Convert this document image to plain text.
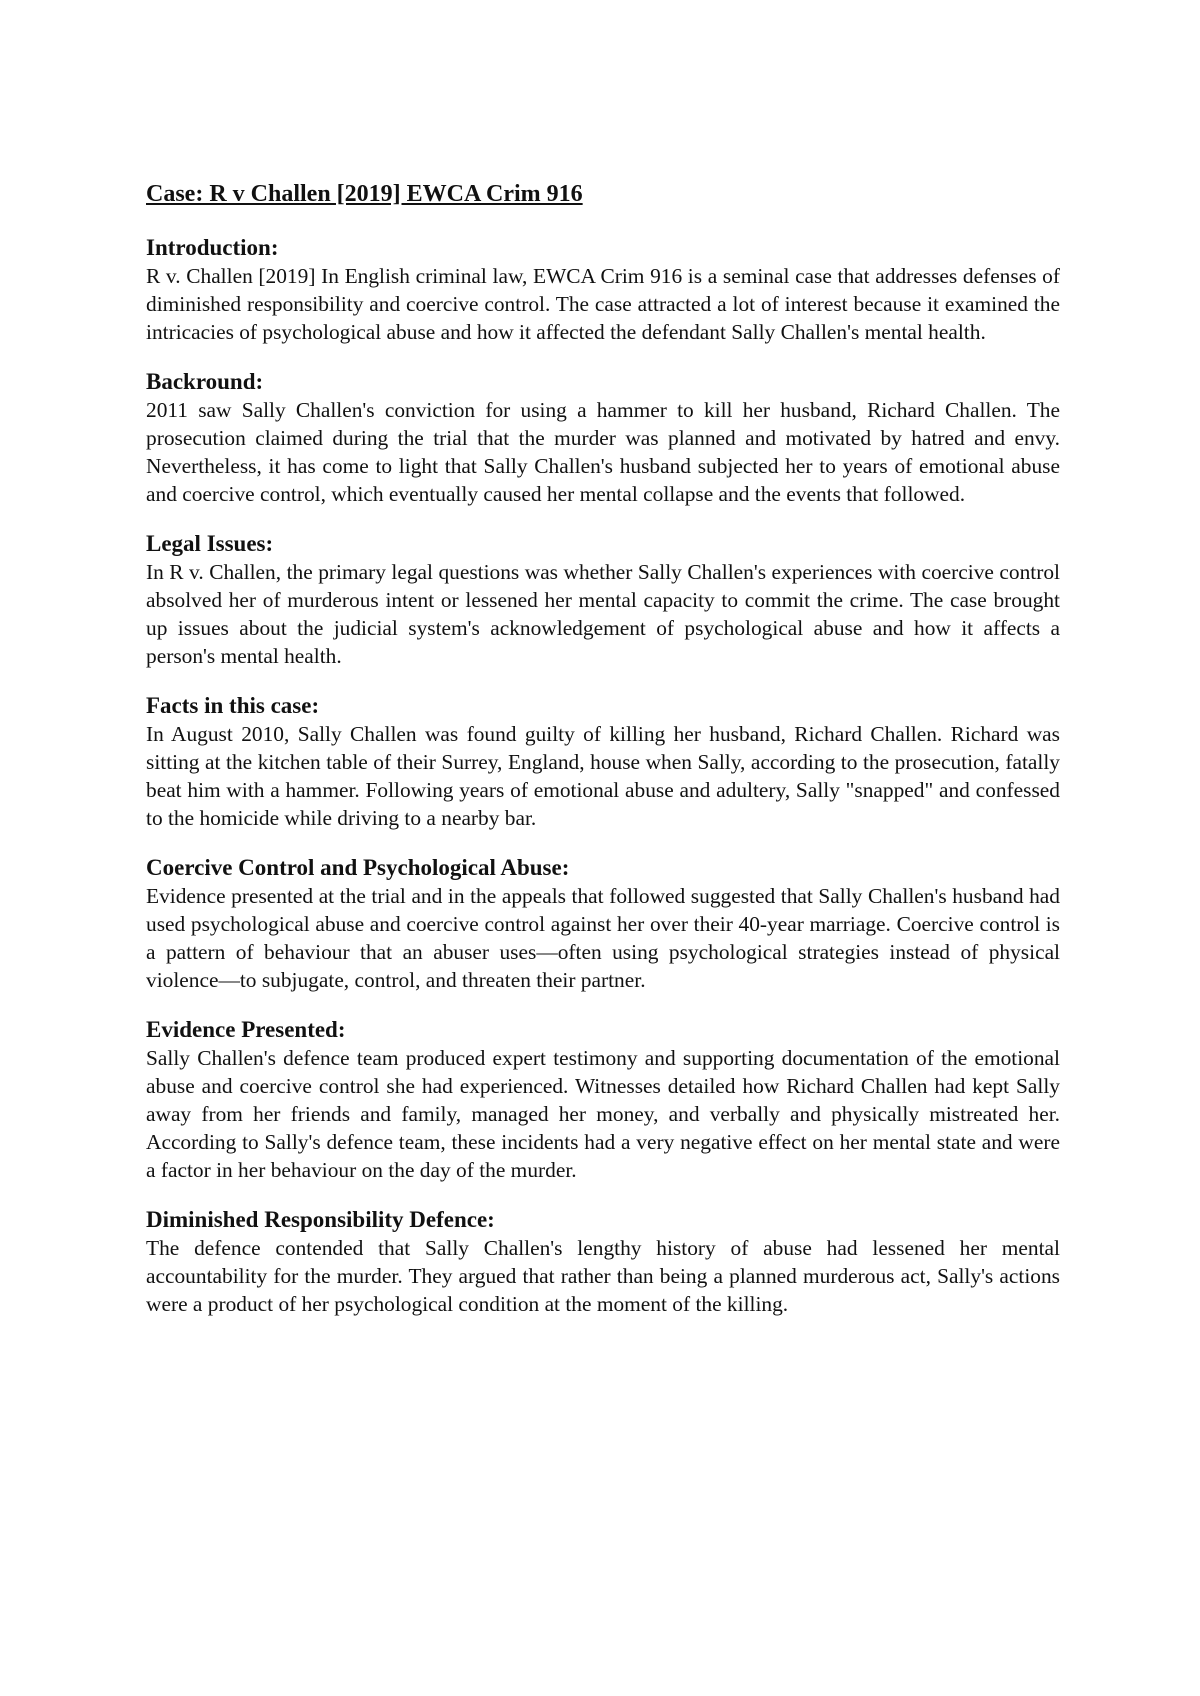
Case: R v Challen [2019] EWCA Crim 916
Introduction:
R v. Challen [2019] In English criminal law, EWCA Crim 916 is a seminal case that addresses defenses of diminished responsibility and coercive control. The case attracted a lot of interest because it examined the intricacies of psychological abuse and how it affected the defendant Sally Challen's mental health.
Backround:
2011 saw Sally Challen's conviction for using a hammer to kill her husband, Richard Challen. The prosecution claimed during the trial that the murder was planned and motivated by hatred and envy. Nevertheless, it has come to light that Sally Challen's husband subjected her to years of emotional abuse and coercive control, which eventually caused her mental collapse and the events that followed.
Legal Issues:
In R v. Challen, the primary legal questions was whether Sally Challen's experiences with coercive control absolved her of murderous intent or lessened her mental capacity to commit the crime. The case brought up issues about the judicial system's acknowledgement of psychological abuse and how it affects a person's mental health.
Facts in this case:
In August 2010, Sally Challen was found guilty of killing her husband, Richard Challen. Richard was sitting at the kitchen table of their Surrey, England, house when Sally, according to the prosecution, fatally beat him with a hammer. Following years of emotional abuse and adultery, Sally "snapped" and confessed to the homicide while driving to a nearby bar.
Coercive Control and Psychological Abuse:
Evidence presented at the trial and in the appeals that followed suggested that Sally Challen's husband had used psychological abuse and coercive control against her over their 40-year marriage. Coercive control is a pattern of behaviour that an abuser uses—often using psychological strategies instead of physical violence—to subjugate, control, and threaten their partner.
Evidence Presented:
Sally Challen's defence team produced expert testimony and supporting documentation of the emotional abuse and coercive control she had experienced. Witnesses detailed how Richard Challen had kept Sally away from her friends and family, managed her money, and verbally and physically mistreated her. According to Sally's defence team, these incidents had a very negative effect on her mental state and were a factor in her behaviour on the day of the murder.
Diminished Responsibility Defence:
The defence contended that Sally Challen's lengthy history of abuse had lessened her mental accountability for the murder. They argued that rather than being a planned murderous act, Sally's actions were a product of her psychological condition at the moment of the killing.
